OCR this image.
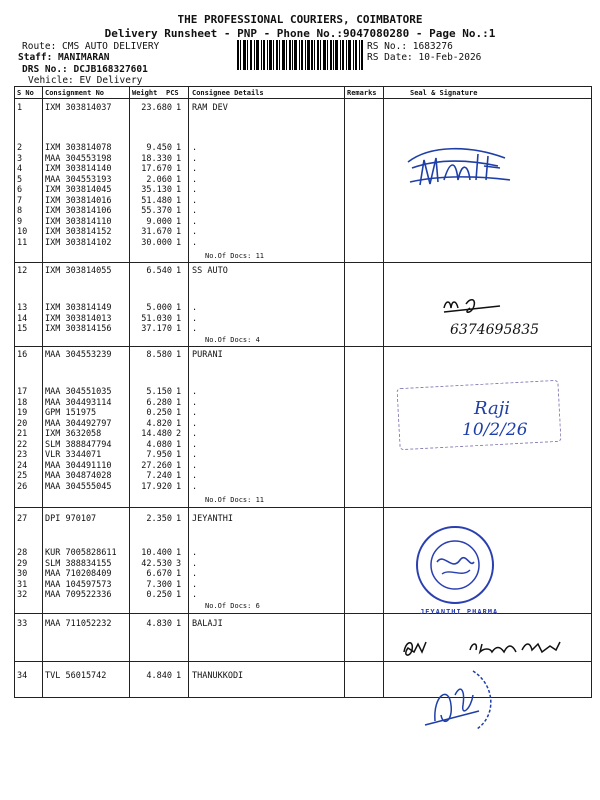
THE PROFESSIONAL COURIERS, COIMBATORE
Delivery Runsheet - PNP - Phone No.:9047080280 - Page No.:1
Route: CMS AUTO DELIVERY
Staff: MANIMARAN
DRS No.: DCJB168327601
Vehicle: EV Delivery
RS No.: 1683276
RS Date: 10-Feb-2026
S No Consignment No	Weight PCS Consignee Details	Remarks	Seal & Signature
1	IXM 303814037	23.680 1 RAM DEV
2	IXM 303814078	9.450 1 .
3	MAA 304553198	18.330 1 .
4	IXM 303814140	17.670 1 .
5	MAA 304553193	2.060 1 .
6	IXM 303814045	35.130 1 .
7	IXM 303814016	51.480 1 .
8	IXM 303814106	55.370 1 .
9	IXM 303814110	9.000 1 .
10 IXM 303814152	31.670 1 .
11 IXM 303814102	30.000 1 .
No.Of Docs: 11
12 IXM 303814055	6.540 1 SS AUTO
13 IXM 303814149	5.000 1 .
14 IXM 303814013	51.030 1 .
15 IXM 303814156	37.170 1 .
No.Of Docs: 4
16 MAA 304553239	8.580 1 PURANI
17 MAA 304551035	5.150 1 .
18 MAA 304493114	6.280 1 .
19 GPM 151975	0.250 1 .
20 MAA 304492797	4.820 1 .
21 IXM 3632058	14.480 2 .
22 SLM 388847794	4.080 1 .
23 VLR 3344071	7.950 1 .
24 MAA 304491110	27.260 1 .
25 MAA 304874028	7.240 1 .
26 MAA 304555045	17.920 1 .
No.Of Docs: 11
27 DPI 970107	2.350 1 JEYANTHI
28 KUR 7005828611	10.400 1 .
29 SLM 388834155	42.530 3 .
30 MAA 710208409	6.670 1 .
31 MAA 104597573	7.300 1 .
32 MAA 709522336	0.250 1 .
No.Of Docs: 6
33 MAA 711052232	4.830 1 BALAJI
34 TVL 56015742	4.840 1 THANUKKODI
6374695835
Raji
10/2/26
JEYANTHI PHARMA
